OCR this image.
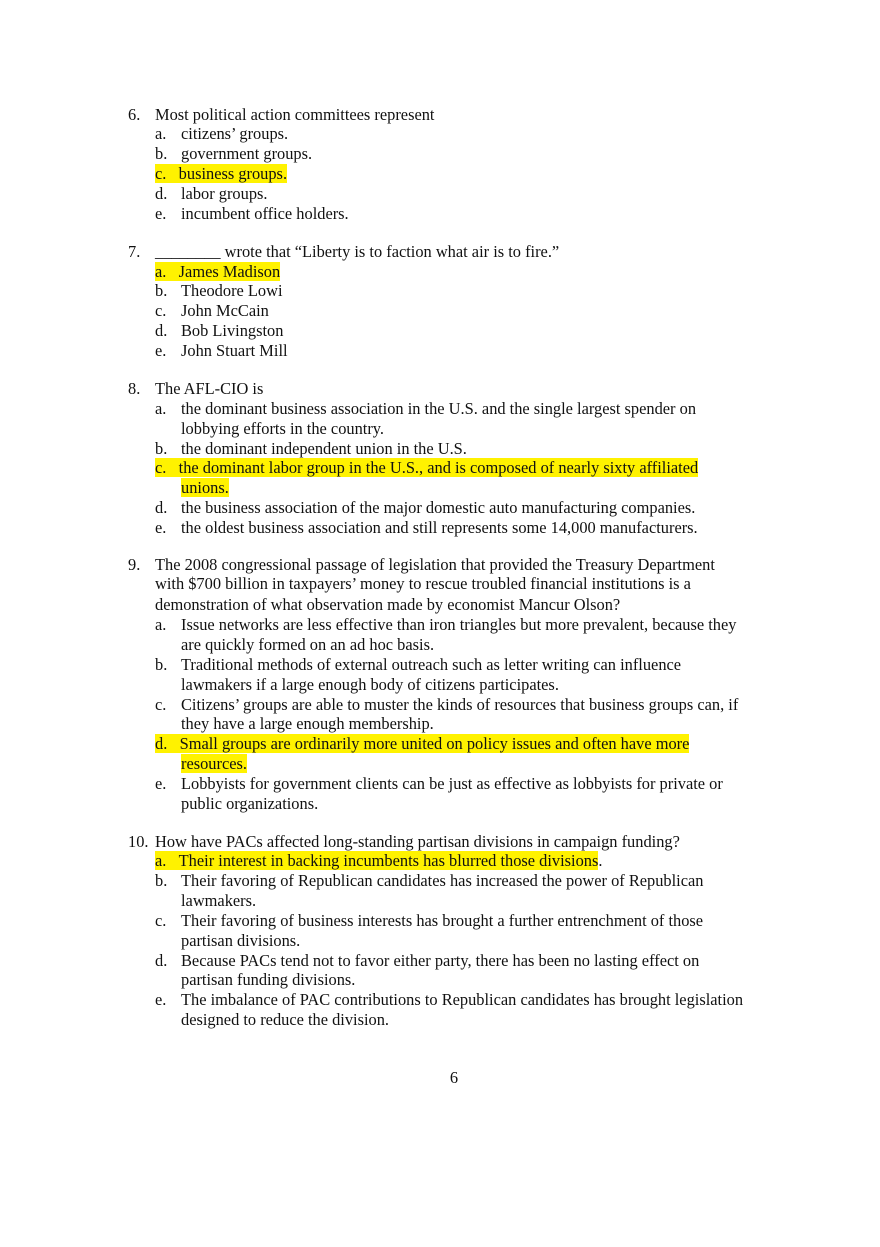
6. Most political action committees represent
a. citizens’ groups.
b. government groups.
c. business groups.
d. labor groups.
e. incumbent office holders.
7. ________ wrote that “Liberty is to faction what air is to fire.”
a. James Madison
b. Theodore Lowi
c. John McCain
d. Bob Livingston
e. John Stuart Mill
8. The AFL-CIO is
a. the dominant business association in the U.S. and the single largest spender on
lobbying efforts in the country.
b. the dominant independent union in the U.S.
c. the dominant labor group in the U.S., and is composed of nearly sixty affiliated
unions.
d. the business association of the major domestic auto manufacturing companies.
e. the oldest business association and still represents some 14,000 manufacturers.
9. The 2008 congressional passage of legislation that provided the Treasury Department
with $700 billion in taxpayers’ money to rescue troubled financial institutions is a
demonstration of what observation made by economist Mancur Olson?
a. Issue networks are less effective than iron triangles but more prevalent, because they
are quickly formed on an ad hoc basis.
b. Traditional methods of external outreach such as letter writing can influence
lawmakers if a large enough body of citizens participates.
c. Citizens’ groups are able to muster the kinds of resources that business groups can, if
they have a large enough membership.
d. Small groups are ordinarily more united on policy issues and often have more
resources.
e. Lobbyists for government clients can be just as effective as lobbyists for private or
public organizations.
10. How have PACs affected long-standing partisan divisions in campaign funding?
a. Their interest in backing incumbents has blurred those divisions.
b. Their favoring of Republican candidates has increased the power of Republican
lawmakers.
c. Their favoring of business interests has brought a further entrenchment of those
partisan divisions.
d. Because PACs tend not to favor either party, there has been no lasting effect on
partisan funding divisions.
e. The imbalance of PAC contributions to Republican candidates has brought legislation
designed to reduce the division.
6
